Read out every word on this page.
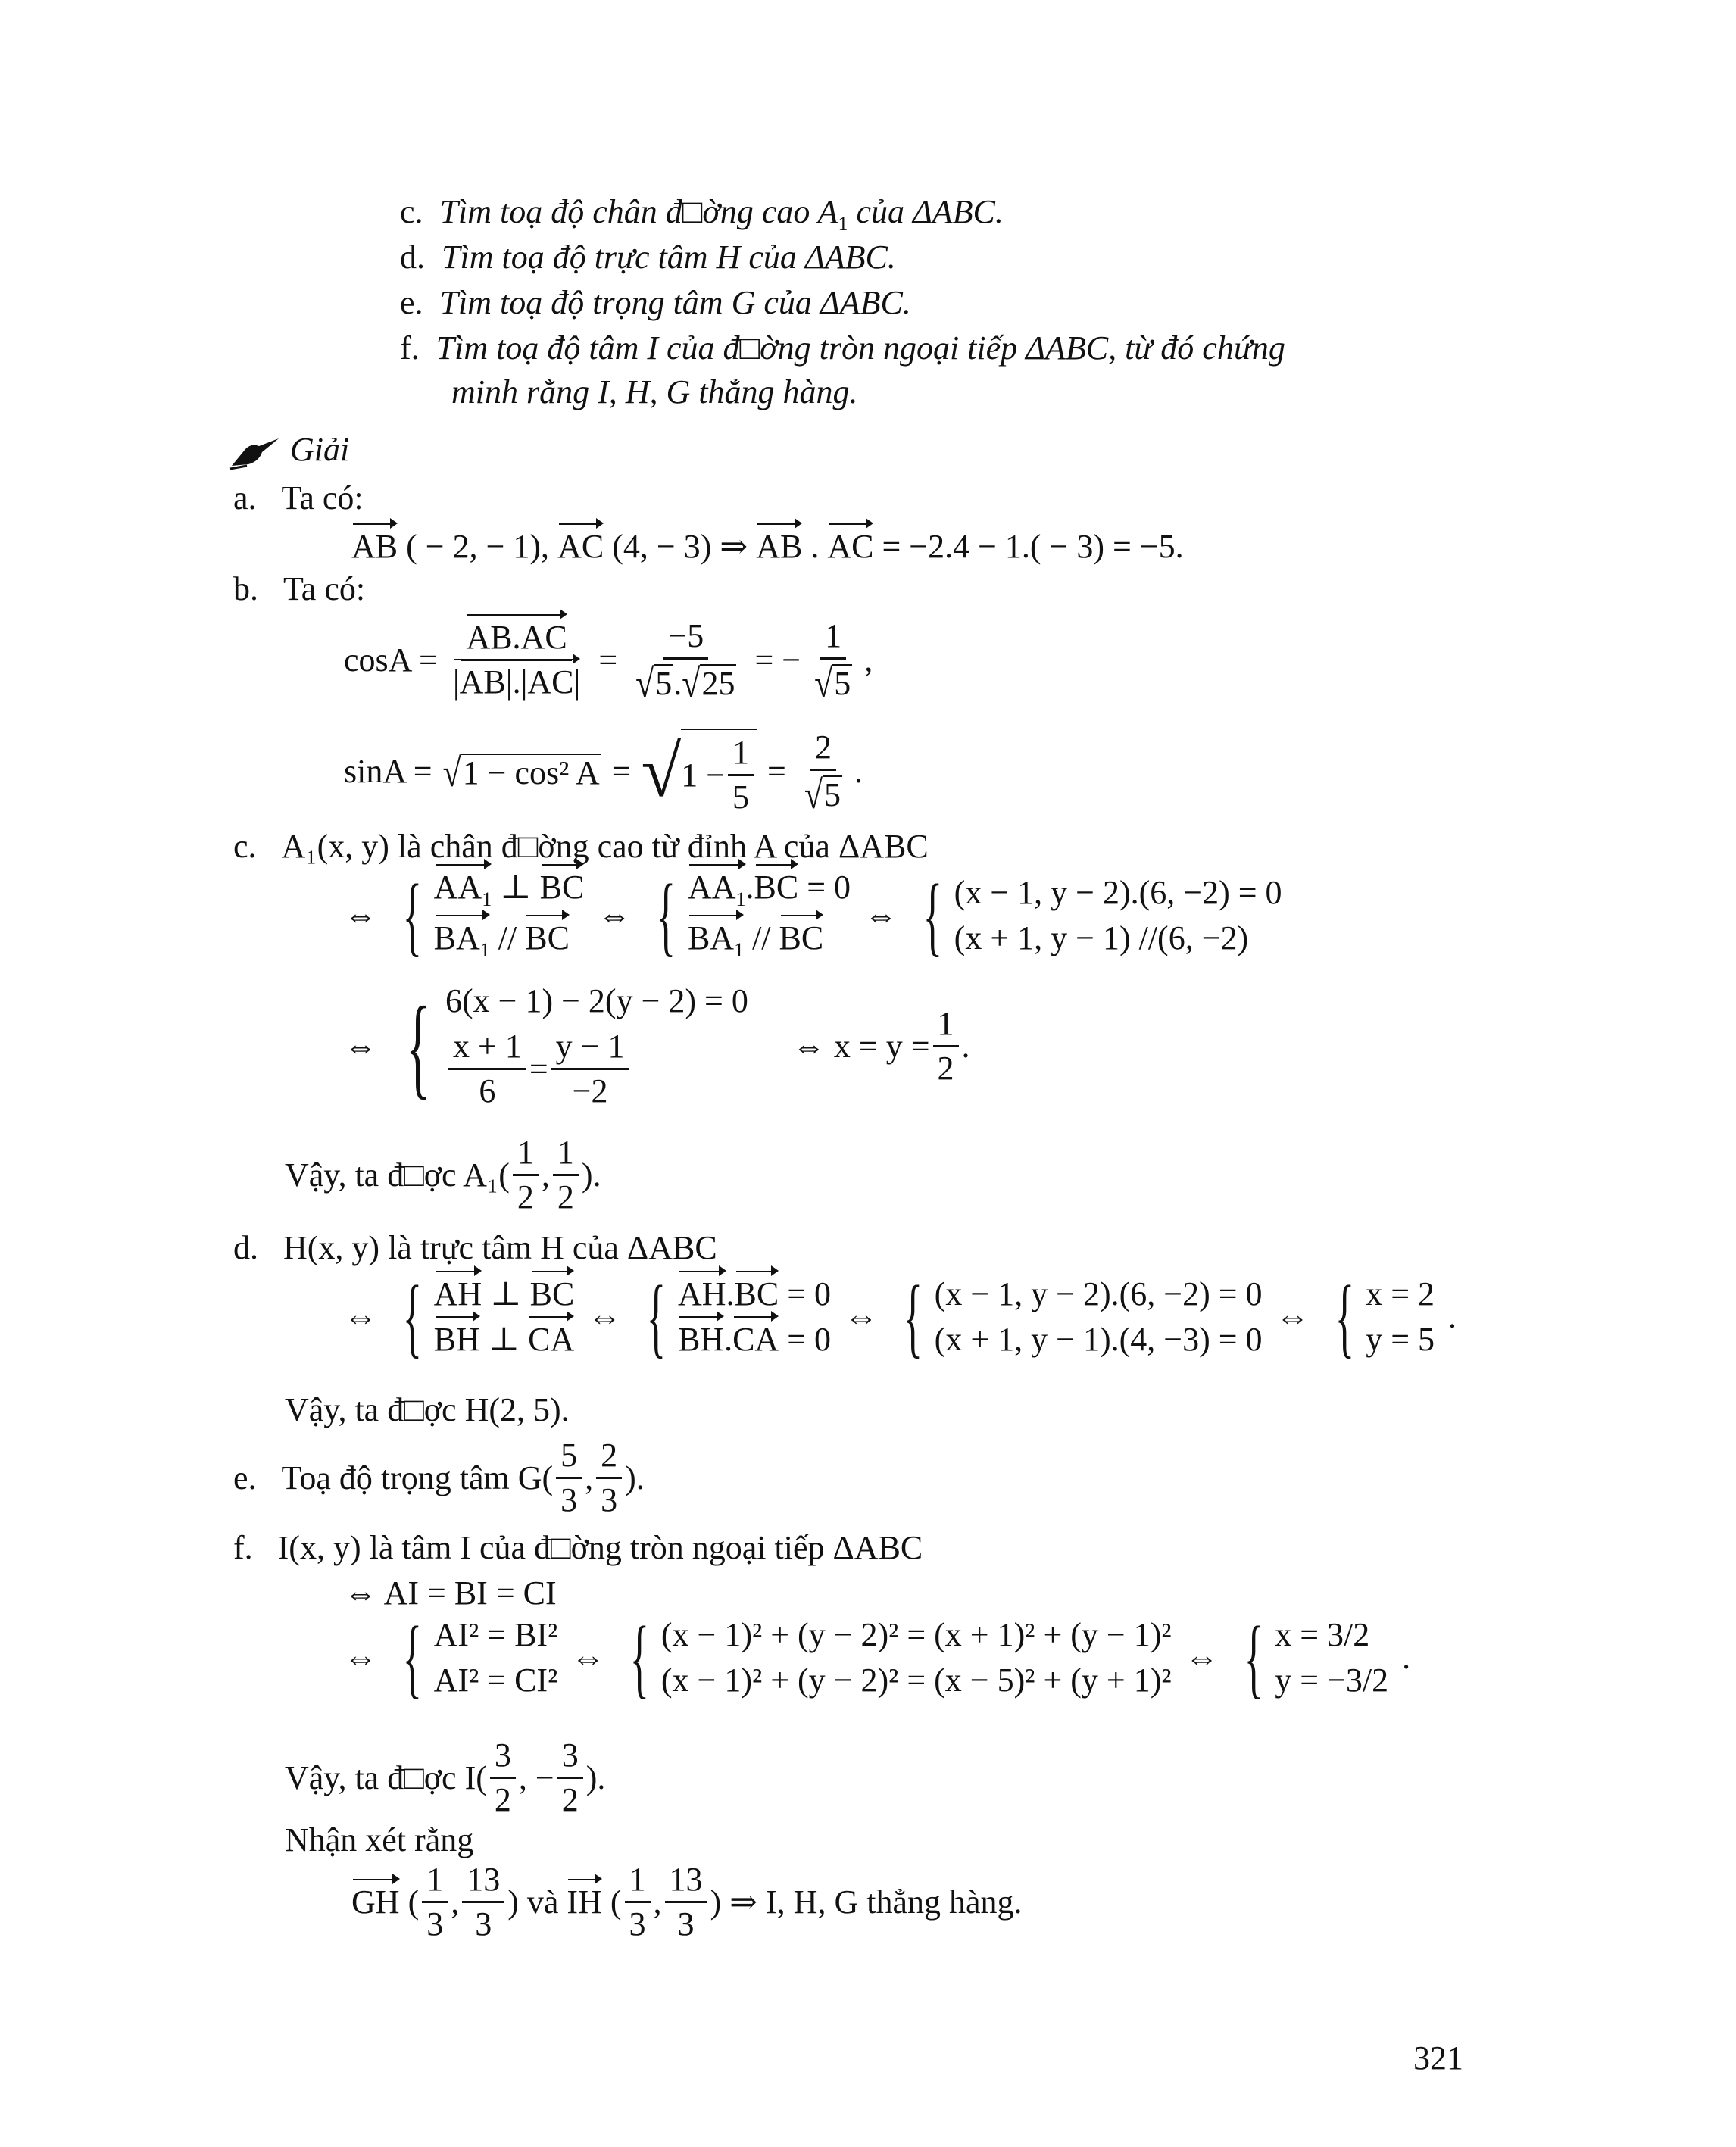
c. Tìm toạ độ chân đ□ờng cao $A_1$ của ΔABC.
d. Tìm toạ độ trực tâm H của ΔABC.
e. Tìm toạ độ trọng tâm G của ΔABC.
f. Tìm toạ độ tâm I của đ□ờng tròn ngoại tiếp ΔABC, từ đó chứng
minh rằng I, H, G thẳng hàng.
Giải
a. Ta có:
AB ( − 2, − 1), AC (4, − 3) ⇒ AB . AC = −2.4 − 1.( − 3) = −5.
b. Ta có:
$\cos A = \frac{AB.AC}{|AB|.|AC|} = \frac{-5}{√5.√25}$ = − $\frac{1}{√5}$ ,
sinA = √1 − cos² A = √ $1 - \frac{1}{5} = \frac{2}{√5}$ .
c. A₁(x, y) là chân đ□ờng cao từ đỉnh A của ΔABC
⇔ { $AA_1$ ⊥ BC
$BA_1$ // BC
⇔ { $AA_1.BC = 0$
$BA_1$ // BC
⇔ { (x − 1, y − 2).(6, −2) = 0
(x + 1, y − 1) //(6, −2)
⇔ { 6(x − 1) − 2(y − 2) = 0
$\frac{x + 1}{6} = \frac{y - 1}{-2}$	⇔ $x = y = \frac{1}{2}$ .
Vậy, ta đ□ợc $A_1( \frac{1}{2}$ , $\frac{1}{2}$ ).
d. H(x, y) là trực tâm H của ΔABC
⇔ { AH ⊥ BC
BH ⊥ CA
⇔ { AH.BC = 0
BH.CA = 0
⇔ { (x − 1, y − 2).(6, −2) = 0
(x + 1, y − 1).(4, −3) = 0
⇔ { x = 2
y = 5
.
Vậy, ta đ□ợc H(2, 5).
e.
Toạ độ trọng tâm $G( \frac{5}{3}$ , $\frac{2}{3}$ ).
f. I(x, y) là tâm I của đ□ờng tròn ngoại tiếp ΔABC
⇔ AI = BI = CI
⇔ { AI² = BI²
AI² = CI²
⇔ { (x − 1)² + (y − 2)² = (x + 1)² + (y − 1)²
(x − 1)² + (y − 2)² = (x − 5)² + (y + 1)²
⇔ { x = 3/2
y = −3/2
.
Vậy, ta đ□ợc $I( \frac{3}{2}$ , − $\frac{3}{2}$ ).
Nhận xét rằng
GH ( $\frac{1}{3}$ , $\frac{13}{3}$ ) và IH ( $\frac{1}{3}$ , $\frac{13}{3}$ ) ⇒ I, H, G thẳng hàng.
321
